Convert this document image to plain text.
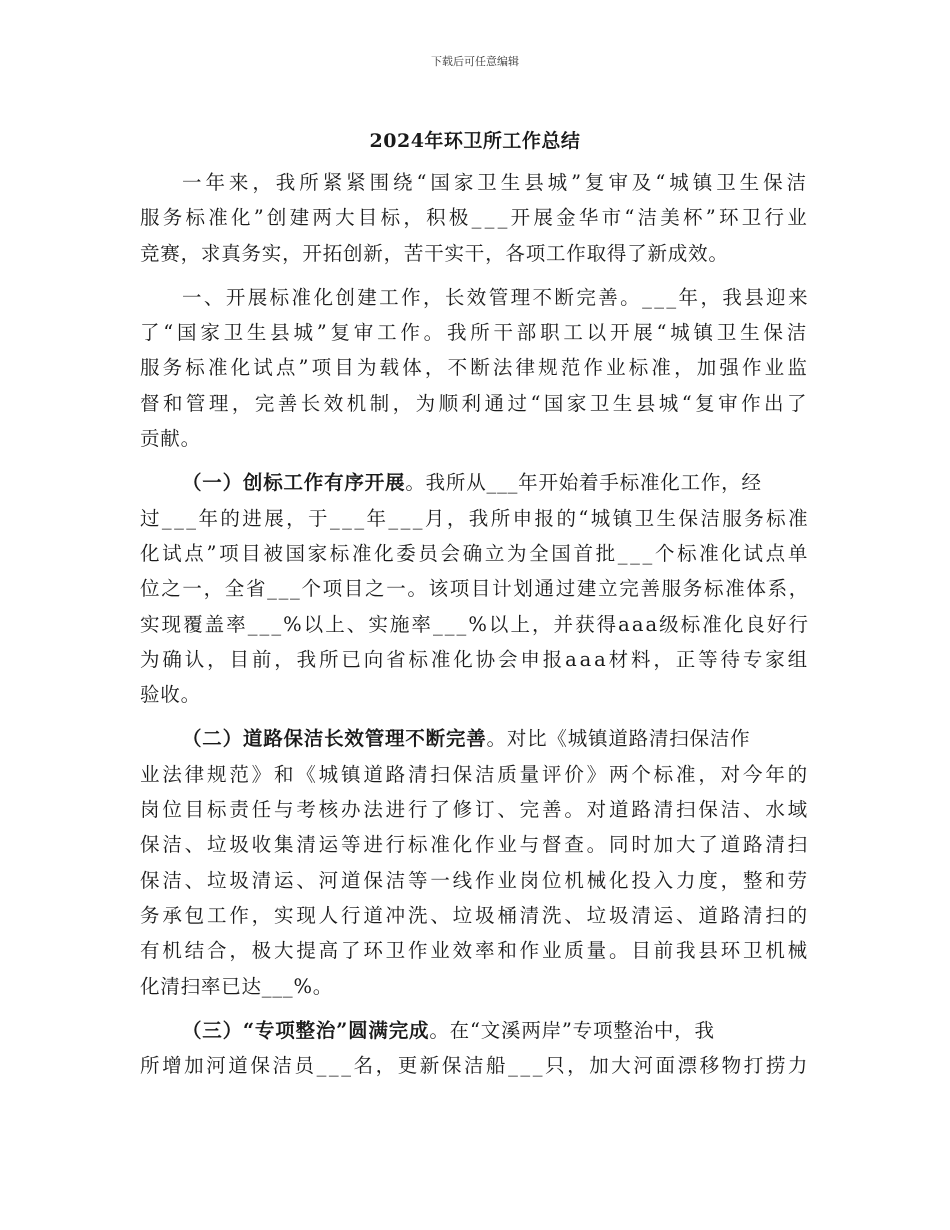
下载后可任意编辑
2024年环卫所工作总结
一年来，我所紧紧围绕“国家卫生县城”复审及“城镇卫生保洁
服务标准化”创建两大目标，积极___开展金华市“洁美杯”环卫行业
竞赛，求真务实，开拓创新，苦干实干，各项工作取得了新成效。
一、开展标准化创建工作，长效管理不断完善。___年，我县迎来
了“国家卫生县城”复审工作。我所干部职工以开展“城镇卫生保洁
服务标准化试点”项目为载体，不断法律规范作业标准，加强作业监
督和管理，完善长效机制，为顺利通过“国家卫生县城“复审作出了
贡献。
（一）创标工作有序开展 。我所从___年开始着手标准化工作，经
过___年的进展，于___年___月，我所申报的“城镇卫生保洁服务标准
化试点”项目被国家标准化委员会确立为全国首批___个标准化试点单
位之一，全省___个项目之一。该项目计划通过建立完善服务标准体系，
实现覆盖率___%以上、实施率___%以上，并获得aaa级标准化良好行
为确认，目前，我所已向省标准化协会申报aaa材料，正等待专家组
验收。
（二）道路保洁长效管理不断完善 。对比《城镇道路清扫保洁作
业法律规范》和《城镇道路清扫保洁质量评价》两个标准，对今年的
岗位目标责任与考核办法进行了修订、完善。对道路清扫保洁、水域
保洁、垃圾收集清运等进行标准化作业与督查。同时加大了道路清扫
保洁、垃圾清运、河道保洁等一线作业岗位机械化投入力度，整和劳
务承包工作，实现人行道冲洗、垃圾桶清洗、垃圾清运、道路清扫的
有机结合，极大提高了环卫作业效率和作业质量。目前我县环卫机械
化清扫率已达___%。
（三）“专项整治”圆满完成 。在“文溪两岸”专项整治中，我
所增加河道保洁员___名，更新保洁船___只，加大河面漂移物打捞力
